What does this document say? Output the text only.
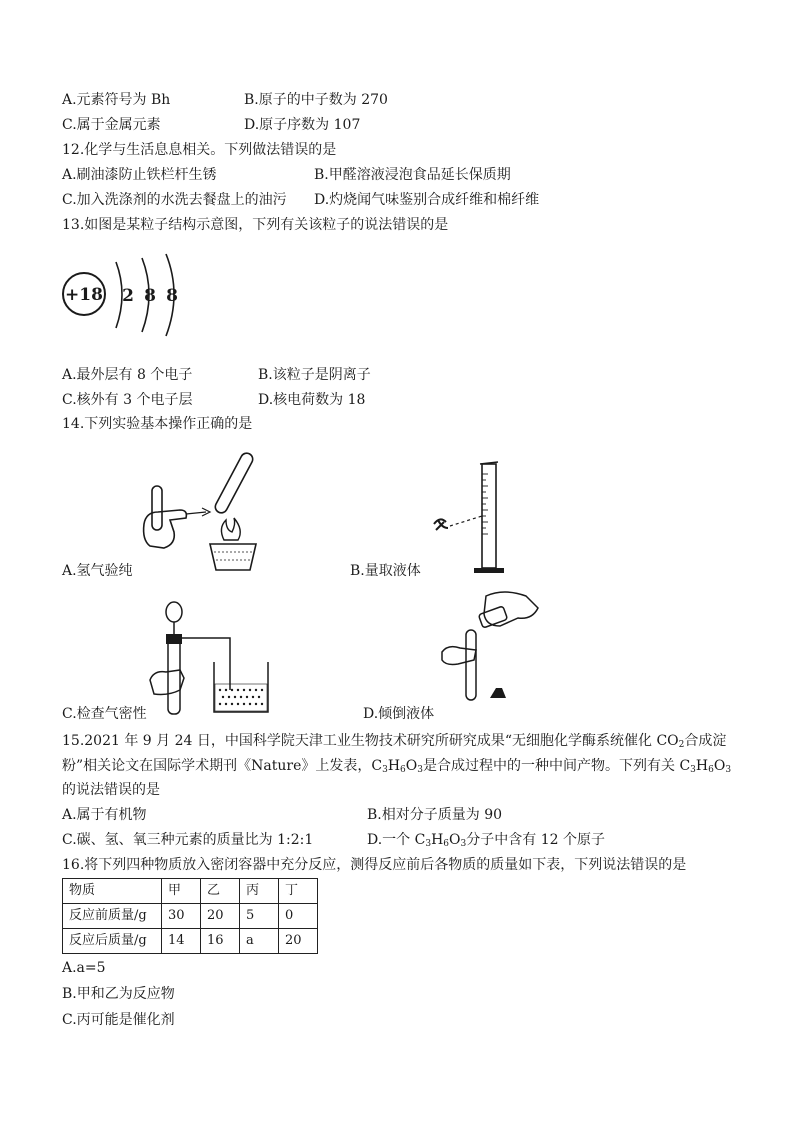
A.元素符号为 Bh	B.原子的中子数为 270
C.属于金属元素	D.原子序数为 107
12.化学与生活息息相关。下列做法错误的是
A.刷油漆防止铁栏杆生锈	B.甲醛溶液浸泡食品延长保质期
C.加入洗涤剂的水洗去餐盘上的油污 D.灼烧闻气味鉴别合成纤维和棉纤维
13.如图是某粒子结构示意图，下列有关该粒子的说法错误的是
+18 2 8 8
A.最外层有 8 个电子	B.该粒子是阴离子
C.核外有 3 个电子层	D.核电荷数为 18
14.下列实验基本操作正确的是
A.氢气验纯	B.量取液体
C.检查气密性	D.倾倒液体
15.2021 年 9 月 24 日，中国科学院天津工业生物技术研究所研究成果“无细胞化学酶系统催化 $CO_2$合成淀
粉”相关论文在国际学术期刊《Nature》上发表，$C_3H_6O_3$是合成过程中的一种中间产物。下列有关 $C_3H_6O_3$
的说法错误的是
A.属于有机物	B.相对分子质量为 90
C.碳、氢、氧三种元素的质量比为 1:2:1	D.一个 $C_3H_6O_3$分子中含有 12 个原子
16.将下列四种物质放入密闭容器中充分反应，测得反应前后各物质的质量如下表，下列说法错误的是
物质	甲	乙	丙	丁
反应前质量/g	30	20	5	0
反应后质量/g	14	16	a	20
A.a=5
B.甲和乙为反应物
C.丙可能是催化剂
